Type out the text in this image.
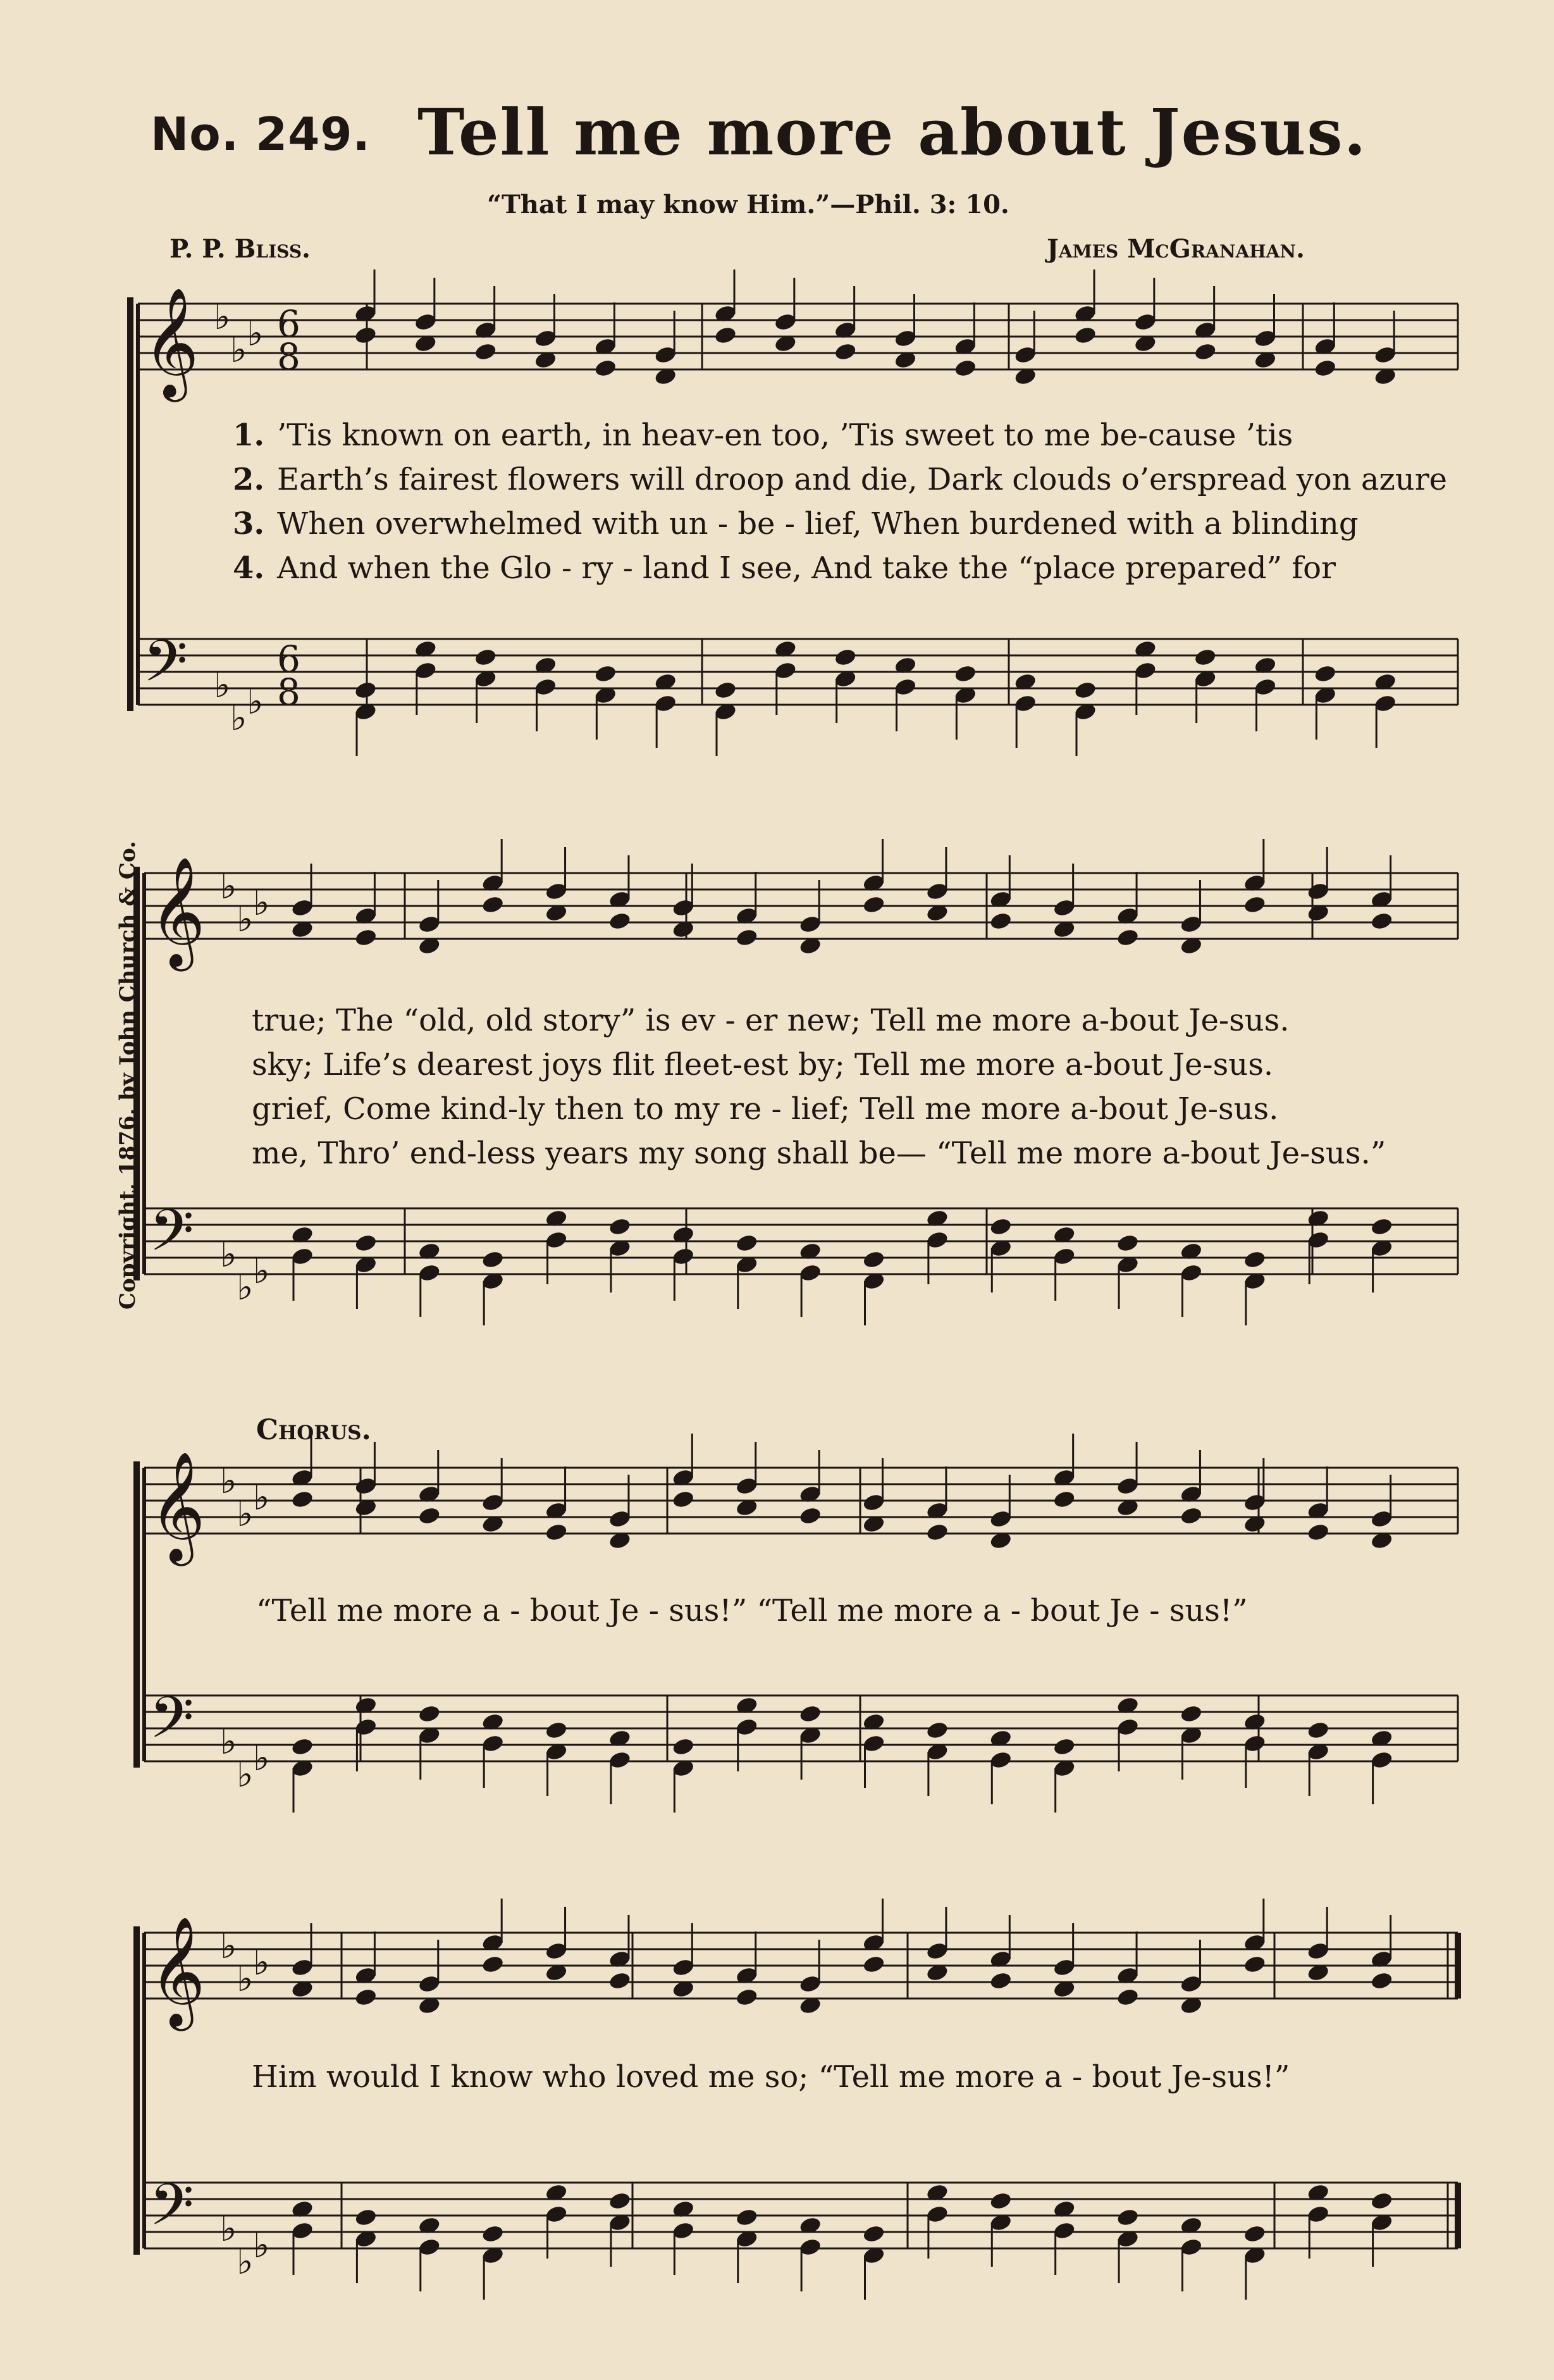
No. 249. Tell me more about Jesus.
“That I may know Him.”—Phil. 3: 10.
P. P. Bliss.	James McGranahan.
Copyright, 1876, by John Church & Co.
𝄞 ♭
♭ ♭ 6
8
𝄢 ♭
♭ ♭
6
8
𝄞 ♭
♭ ♭
𝄢 ♭
♭ ♭
𝄞 ♭
♭ ♭
𝄢 ♭
♭ ♭
𝄞 ♭
♭ ♭
𝄢 ♭
♭ ♭
1. ’Tis known on earth, in heav-en too, ’Tis sweet to me be-cause ’tis
2. Earth’s fairest flowers will droop and die, Dark clouds o’erspread yon azure
3. When overwhelmed with un - be - lief, When burdened with a blinding
4. And when the Glo - ry - land I see, And take the “place prepared” for
true; The “old, old story” is ev - er new; Tell me more a-bout Je-sus.
sky; Life’s dearest joys flit fleet-est by; Tell me more a-bout Je-sus.
grief, Come kind-ly then to my re - lief; Tell me more a-bout Je-sus.
me, Thro’ end-less years my song shall be— “Tell me more a-bout Je-sus.”
Chorus.
“Tell me more a - bout Je - sus!” “Tell me more a - bout Je - sus!”
Him would I know who loved me so; “Tell me more a - bout Je-sus!”
